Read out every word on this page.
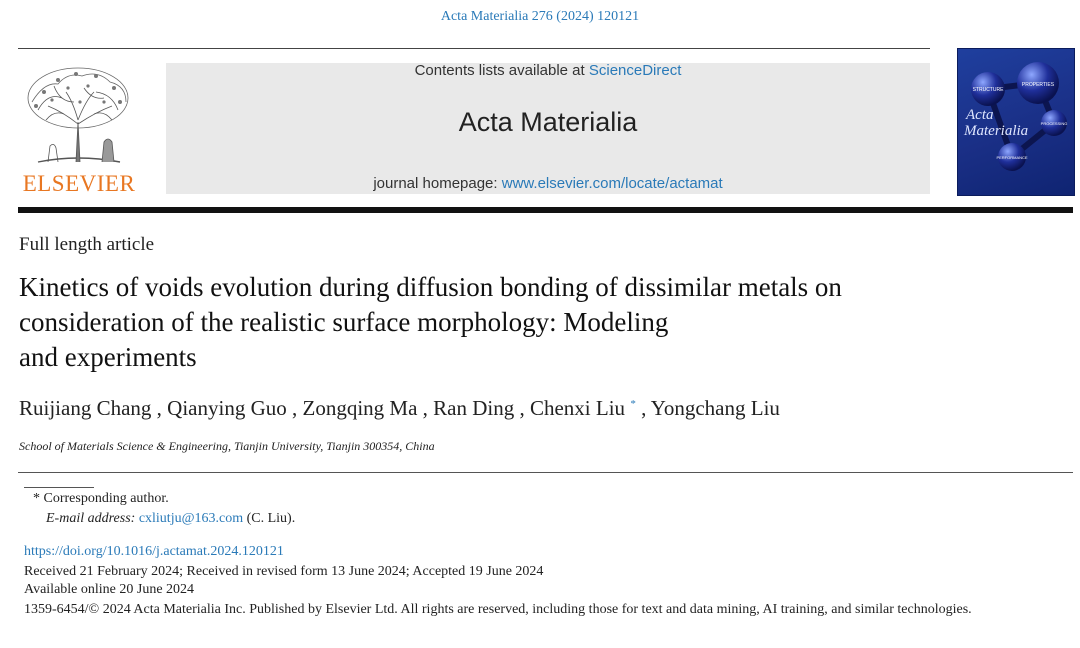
Acta Materialia 276 (2024) 120121
ELSEVIER
Contents lists available at ScienceDirect
Acta Materialia
journal homepage: www.elsevier.com/locate/actamat
STRUCTURE
PROPERTIES
PROCESSING
PERFORMANCE
Acta
Materialia
Full length article
Kinetics of voids evolution during diffusion bonding of dissimilar metals on
consideration of the realistic surface morphology: Modeling
and experiments
Ruijiang Chang , Qianying Guo , Zongqing Ma , Ran Ding , Chenxi Liu * , Yongchang Liu
School of Materials Science & Engineering, Tianjin University, Tianjin 300354, China
* Corresponding author.
E-mail address: cxliutju@163.com (C. Liu).
https://doi.org/10.1016/j.actamat.2024.120121
Received 21 February 2024; Received in revised form 13 June 2024; Accepted 19 June 2024
Available online 20 June 2024
1359-6454/© 2024 Acta Materialia Inc. Published by Elsevier Ltd. All rights are reserved, including those for text and data mining, AI training, and similar technologies.
